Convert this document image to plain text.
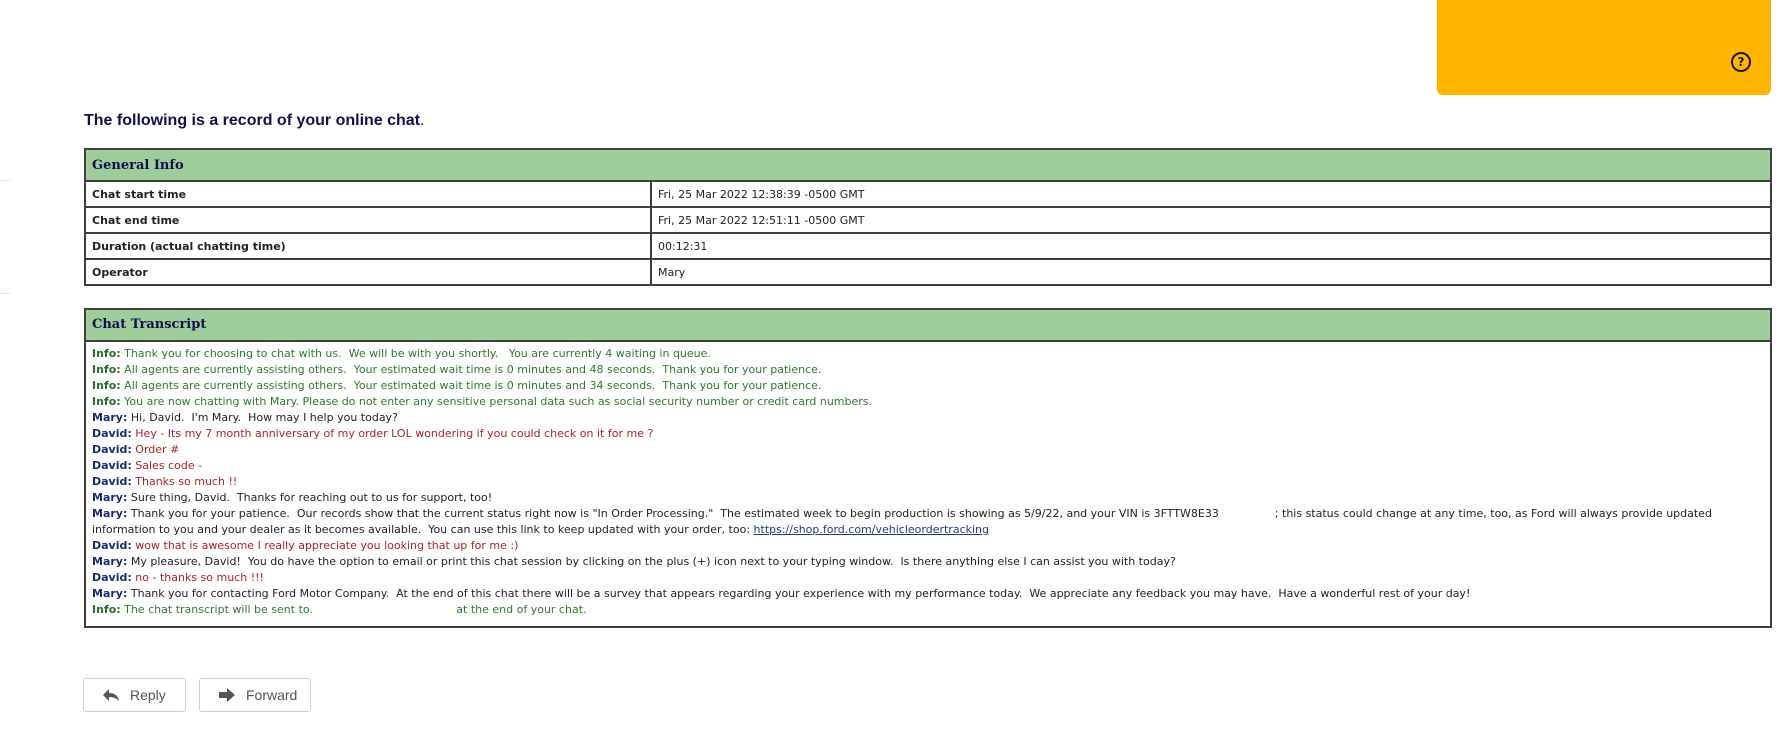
?
The following is a record of your online chat.
General Info	
Chat start time	Fri, 25 Mar 2022 12:38:39 -0500 GMT
Chat end time	Fri, 25 Mar 2022 12:51:11 -0500 GMT
Duration (actual chatting time)	00:12:31
Operator	Mary
Chat Transcript
Info: Thank you for choosing to chat with us.  We will be with you shortly.   You are currently 4 waiting in queue.
Info: All agents are currently assisting others.  Your estimated wait time is 0 minutes and 48 seconds.  Thank you for your patience.
Info: All agents are currently assisting others.  Your estimated wait time is 0 minutes and 34 seconds.  Thank you for your patience.
Info: You are now chatting with Mary. Please do not enter any sensitive personal data such as social security number or credit card numbers.
Mary: Hi, David.  I'm Mary.  How may I help you today?
David: Hey - Its my 7 month anniversary of my order LOL wondering if you could check on it for me ?
David: Order #
David: Sales code -
David: Thanks so much !!
Mary: Sure thing, David.  Thanks for reaching out to us for support, too!
Mary: Thank you for your patience.  Our records show that the current status right now is "In Order Processing."  The estimated week to begin production is showing as 5/9/22, and your VIN is 3FTTW8E33                ; this status could change at any time, too, as Ford will always provide updated information to you and your dealer as it becomes available.  You can use this link to keep updated with your order, too: https://shop.ford.com/vehicleordertracking
David: wow that is awesome I really appreciate you looking that up for me :)
Mary: My pleasure, David!  You do have the option to email or print this chat session by clicking on the plus (+) icon next to your typing window.  Is there anything else I can assist you with today?
David: no - thanks so much !!!
Mary: Thank you for contacting Ford Motor Company.  At the end of this chat there will be a survey that appears regarding your experience with my performance today.  We appreciate any feedback you may have.  Have a wonderful rest of your day!
Info: The chat transcript will be sent to.                                         at the end of your chat.
Reply	Forward
